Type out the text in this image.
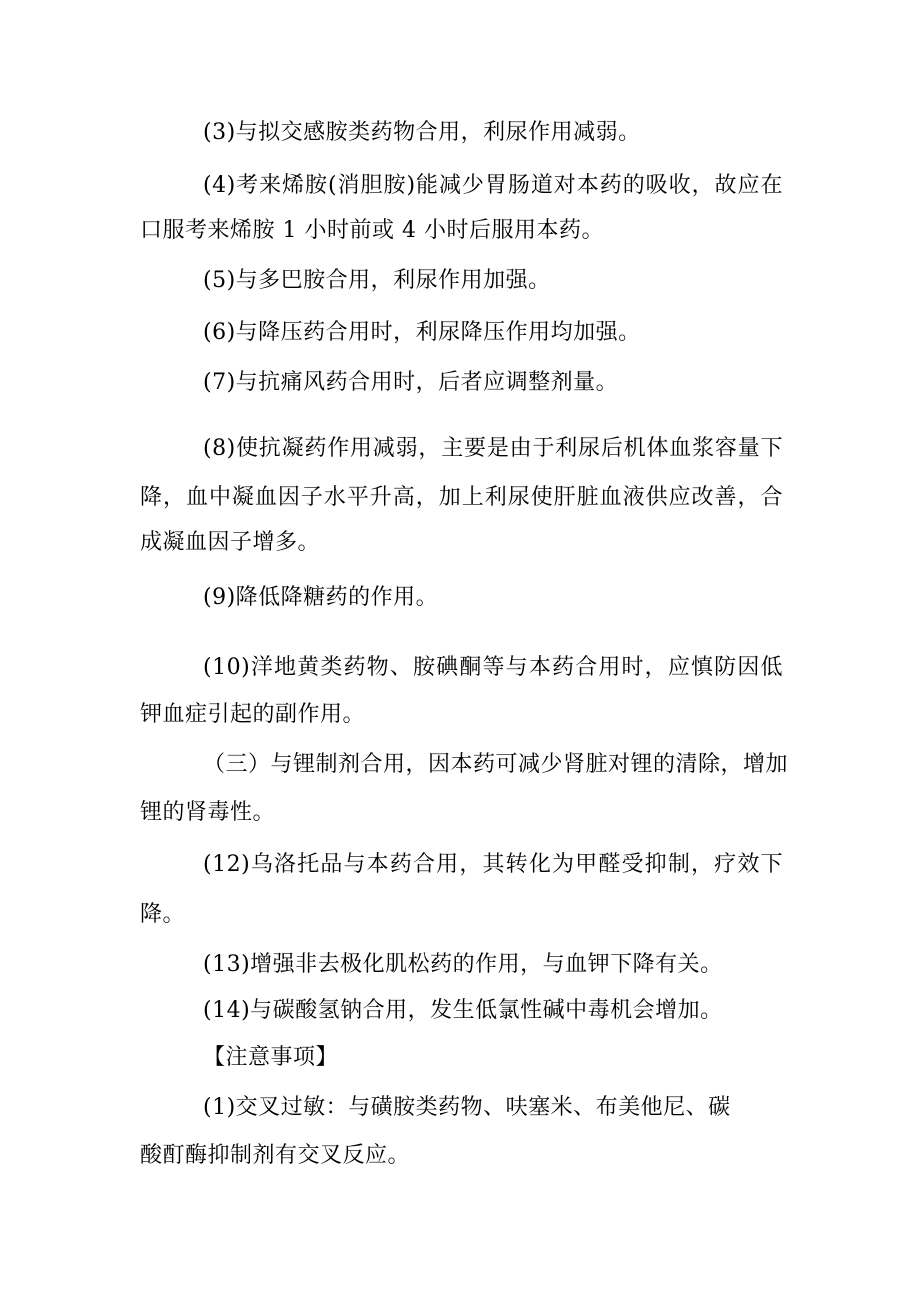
(3)与拟交感胺类药物合用，利尿作用减弱。
(4)考来烯胺(消胆胺)能减少胃肠道对本药的吸收，故应在
口服考来烯胺 1 小时前或 4 小时后服用本药。
(5)与多巴胺合用，利尿作用加强。
(6)与降压药合用时，利尿降压作用均加强。
(7)与抗痛风药合用时，后者应调整剂量。
(8)使抗凝药作用减弱，主要是由于利尿后机体血浆容量下
降，血中凝血因子水平升高，加上利尿使肝脏血液供应改善，合
成凝血因子增多。
(9)降低降糖药的作用。
(10)洋地黄类药物、胺碘酮等与本药合用时，应慎防因低
钾血症引起的副作用。
（三）与锂制剂合用，因本药可减少肾脏对锂的清除，增加
锂的肾毒性。
(12)乌洛托品与本药合用，其转化为甲醛受抑制，疗效下
降。
(13)增强非去极化肌松药的作用，与血钾下降有关。
(14)与碳酸氢钠合用，发生低氯性碱中毒机会增加。
【注意事项】
(1)交叉过敏：与磺胺类药物、呋塞米、布美他尼、碳
酸酊酶抑制剂有交叉反应。
